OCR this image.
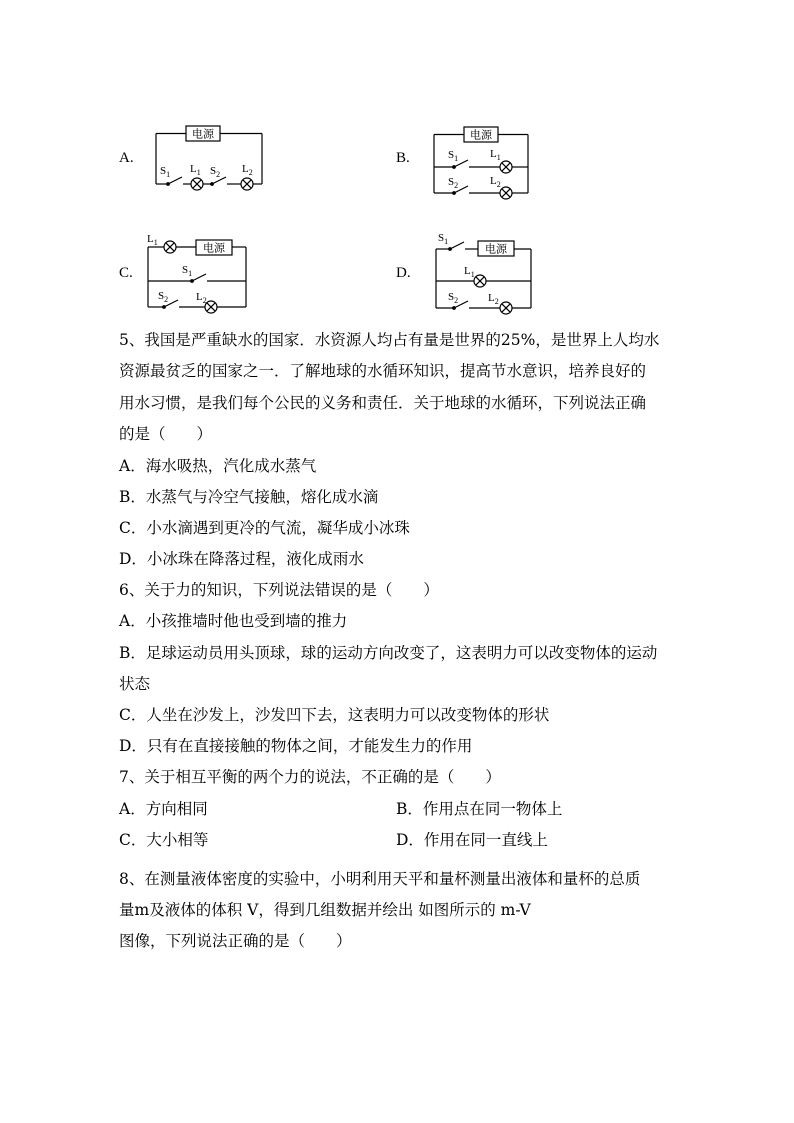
A.
电源
$S_1$ $L_1$ $S_2$ $L_2$
B.
电源
$S_1$	$L_1$
$S_2$	$L_2$
C.
电源
$L_1$
$S_1$
$S_2$	$L_2$
D.
电源
$S_1$
$L_1$
$S_2$	$L_2$
5、我国是严重缺水的国家．水资源人均占有量是世界的25%，是世界上人均水
资源最贫乏的国家之一．了解地球的水循环知识，提高节水意识，培养良好的
用水习惯，是我们每个公民的义务和责任．关于地球的水循环，下列说法正确
的是（　　）
A．海水吸热，汽化成水蒸气
B．水蒸气与冷空气接触，熔化成水滴
C．小水滴遇到更冷的气流，凝华成小冰珠
D．小冰珠在降落过程，液化成雨水
6、关于力的知识，下列说法错误的是（　　）
A．小孩推墙时他也受到墙的推力
B．足球运动员用头顶球，球的运动方向改变了，这表明力可以改变物体的运动
状态
C．人坐在沙发上，沙发凹下去，这表明力可以改变物体的形状
D．只有在直接接触的物体之间，才能发生力的作用
7、关于相互平衡的两个力的说法，不正确的是（　　）
A．方向相同	B．作用点在同一物体上
C．大小相等	D．作用在同一直线上
8、在测量液体密度的实验中，小明利用天平和量杯测量出液体和量杯的总质
量m及液体的体积 V，得到几组数据并绘出 如图所示的 m-V
图像，下列说法正确的是（　　）
